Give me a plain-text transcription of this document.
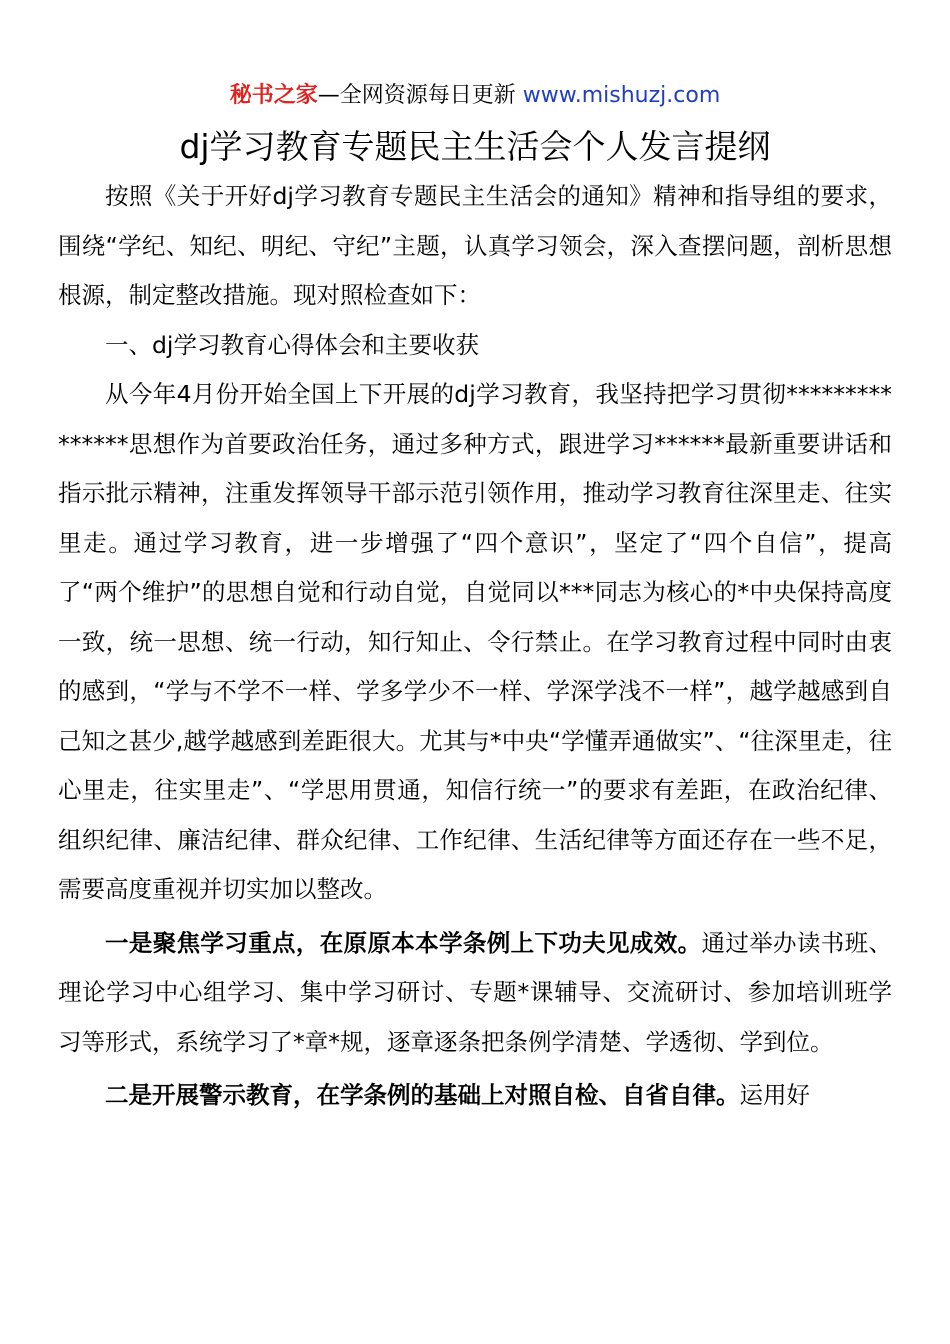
秘书之家—全网资源每日更新 www.mishuzj.com
dj学习教育专题民主生活会个人发言提纲

按照《关于开好dj学习教育专题民主生活会的通知》精神和指导组的要求，围绕“学纪、知纪、明纪、守纪”主题，认真学习领会，深入查摆问题，剖析思想根源，制定整改措施。现对照检查如下：

一、dj学习教育心得体会和主要收获

从今年4月份开始全国上下开展的dj学习教育，我坚持把学习贯彻***************思想作为首要政治任务，通过多种方式，跟进学习******最新重要讲话和指示批示精神，注重发挥领导干部示范引领作用，推动学习教育往深里走、往实里走。通过学习教育，进一步增强了“四个意识”，坚定了“四个自信”，提高了“两个维护”的思想自觉和行动自觉，自觉同以***同志为核心的*中央保持高度一致，统一思想、统一行动，知行知止、令行禁止。在学习教育过程中同时由衷的感到，“学与不学不一样、学多学少不一样、学深学浅不一样”，越学越感到自己知之甚少,越学越感到差距很大。尤其与*中央“学懂弄通做实”、“往深里走，往心里走，往实里走”、“学思用贯通，知信行统一”的要求有差距，在政治纪律、组织纪律、廉洁纪律、群众纪律、工作纪律、生活纪律等方面还存在一些不足，需要高度重视并切实加以整改。

一是聚焦学习重点，在原原本本学条例上下功夫见成效。通过举办读书班、理论学习中心组学习、集中学习研讨、专题*课辅导、交流研讨、参加培训班学习等形式，系统学习了*章*规，逐章逐条把条例学清楚、学透彻、学到位。

二是开展警示教育，在学条例的基础上对照自检、自省自律。运用好
